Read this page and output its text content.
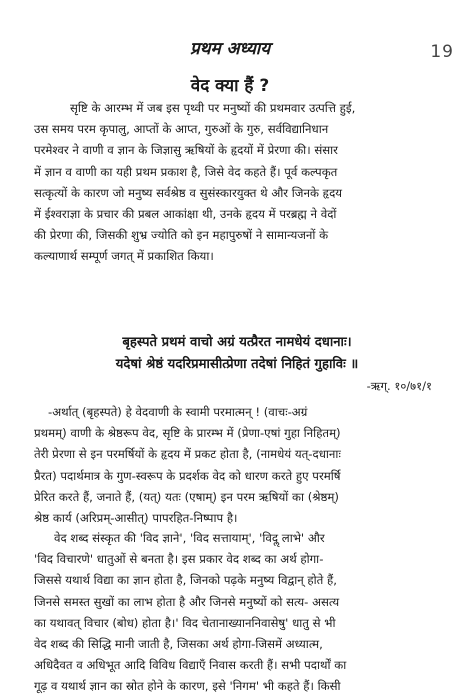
प्रथम अध्याय	19
वेद क्या हैं ?
सृष्टि के आरम्भ में जब इस पृथ्वी पर मनुष्यों की प्रथमवार उत्पत्ति हुई,
उस समय परम कृपालु, आप्तों के आप्त, गुरुओं के गुरु, सर्वविद्यानिधान
परमेश्वर ने वाणी व ज्ञान के जिज्ञासु ऋषियों के हृदयों में प्रेरणा की। संसार
में ज्ञान व वाणी का यही प्रथम प्रकाश है, जिसे वेद कहते हैं। पूर्व कल्पकृत
सत्कृत्यों के कारण जो मनुष्य सर्वश्रेष्ठ व सुसंस्कारयुक्त थे और जिनके हृदय
में ईश्वराज्ञा के प्रचार की प्रबल आकांक्षा थी, उनके हृदय में परब्रह्म ने वेदों
की प्रेरणा की, जिसकी शुभ्र ज्योति को इन महापुरुषों ने सामान्यजनों के
कल्याणार्थ सम्पूर्ण जगत् में प्रकाशित किया।
बृहस्पते प्रथमं वाचो अग्रं यत्प्रैरत नामधेयं दधानाः।
यदेषां श्रेष्ठं यदरिप्रमासीत्प्रेणा तदेषां निहितं गुहाविः ॥
-ऋग्. १०/७१/१
-अर्थात् (बृहस्पते) हे वेदवाणी के स्वामी परमात्मन् ! (वाचः-अग्रं
प्रथमम्) वाणी के श्रेष्ठरूप वेद, सृष्टि के प्रारम्भ में (प्रेणा-एषां गुहा निहितम्)
तेरी प्रेरणा से इन परमर्षियों के हृदय में प्रकट होता है, (नामधेयं यत्-दधानाः
प्रैरत) पदार्थमात्र के गुण-स्वरूप के प्रदर्शक वेद को धारण करते हुए परमर्षि
प्रेरित करते हैं, जनाते हैं, (यत्) यतः (एषाम्) इन परम ऋषियों का (श्रेष्ठम्)
श्रेष्ठ कार्य (अरिप्रम्-आसीत्) पापरहित-निष्पाप है।
वेद शब्द संस्कृत की 'विद ज्ञाने', 'विद सत्तायाम्', 'विदॢ लाभे' और
'विद विचारणे' धातुओं से बनता है। इस प्रकार वेद शब्द का अर्थ होगा-
जिससे यथार्थ विद्या का ज्ञान होता है, जिनको पढ़के मनुष्य विद्वान् होते हैं,
जिनसे समस्त सुखों का लाभ होता है और जिनसे मनुष्यों को सत्य- असत्य
का यथावत् विचार (बोध) होता है।' विद चेतानाख्याननिवासेषु' धातु से भी
वेद शब्द की सिद्धि मानी जाती है, जिसका अर्थ होगा-जिसमें अध्यात्म,
अधिदैवत व अधिभूत आदि विविध विद्याएँ निवास करती हैं। सभी पदार्थों का
गूढ़ व यथार्थ ज्ञान का स्रोत होने के कारण, इसे 'निगम' भी कहते हैं। किसी
